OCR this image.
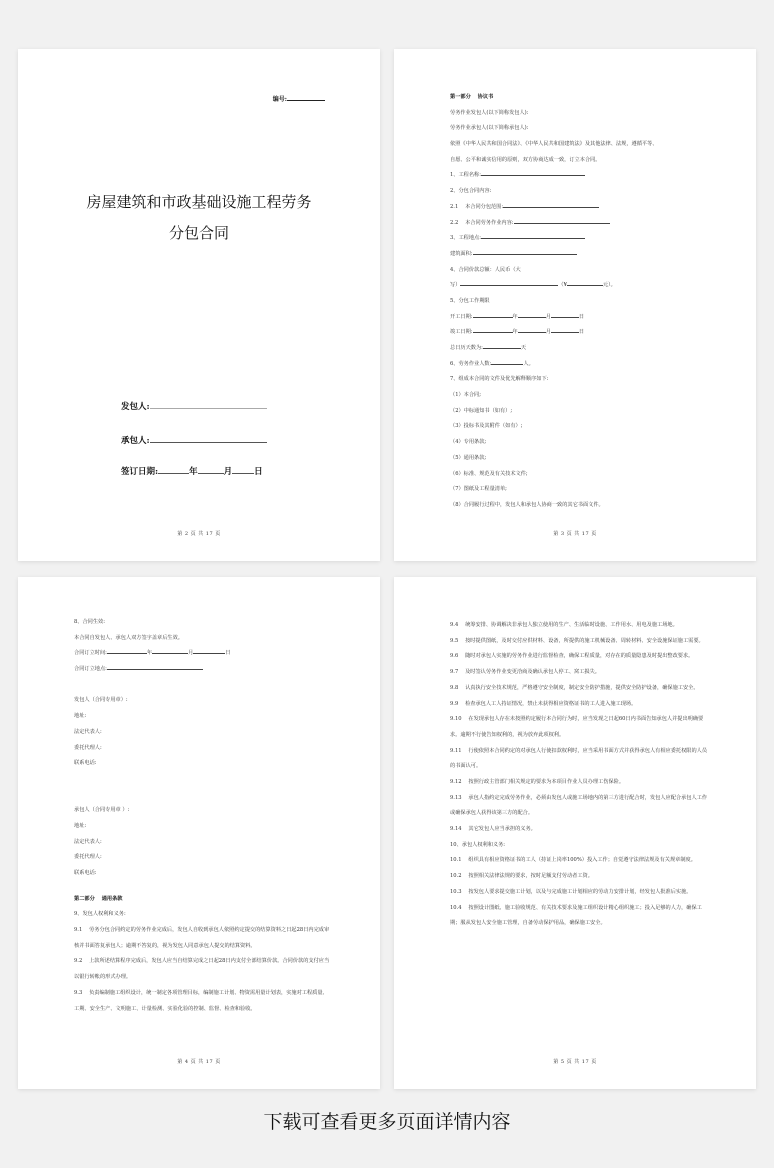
编号:
房屋建筑和市政基础设施工程劳务
分包合同
发包人:
承包人:
签订日期:	年	月	日
第 2 页 共 17 页
第一部分　 协议书
劳务作业发包人(以下简称发包人):
劳务作业承包人(以下简称承包人):
依照《中华人民共和国合同法》、《中华人民共和国建筑法》及其他法律、法规，遵循平等、
自愿、公平和诚实信用的原则，双方协商达成一致，订立本合同。
1、工程名称:
2、分包合同内容:
2.1　 本合同分包范围:
2.2　 本合同劳务作业内容:
3、工程地点:
建筑面积:
4、合同价款总额：人民币（大
写）	（¥	元）。
5、分包工作期限
开工日期:	年	月	日
竣工日期:	年	月	日
总日历天数为:	天
6、劳务作业人数:	人。
7、组成本合同的文件及优先解释顺序如下:
（1）本合同;
（2）中标通知书（如有）;
（3）投标书及其附件（如有）;
（4）专用条款;
（5）通用条款;
（6）标准、规范及有关技术文件;
（7）图纸及工程量清单;
（8）合同履行过程中，发包人和承包人协商一致的其它书面文件。
第 3 页 共 17 页
8、合同生效:
本合同自发包人、承包人双方签字盖章后生效。
合同订立时间:	年	月	日
合同订立地点:
发包人（合同专用章）:
地址:
法定代表人:
委托代理人:
联系电话:
承包人（合同专用章 ）:
地址:
法定代表人:
委托代理人:
联系电话:
第二部分　 通用条款
9、发包人权利和义务:
9.1　 劳务分包合同约定的劳务作业完成后，发包人自收到承包人依照约定提交的结算资料之日起28日内完成审核并书面答复承包人；逾期不答复的，视为发包人同意承包人提交的结算资料。
9.2　 上款所述结算程序完成后，发包人应当自结算完成之日起28日内支付全部结算价款。合同价款的支付应当以银行转帐的形式办理。
9.3　 负责编制施工组织设计，统一制定各项管理目标，编制施工计划、物资需用量计划表，实施对工程质量、工期、安全生产、文明施工、计量检测、实验化验的控制、监督、检查和验收。
第 4 页 共 17 页
9.4　 统筹安排、协调解决非承包人独立使用的生产、生活临时设施、工作用水、用电及施工场地。
9.5　 按时提供图纸，及时交付应供材料、设备，所提供的施工机械设备、周转材料、安全设施保证施工需要。
9.6　 随时对承包人实施的劳务作业进行监督检查，确保工程质量，对存在的质量隐患及时提出整改要求。
9.7　 及时签认劳务作业变更洽商及确认承包人停工、窝工损失。
9.8　 认真执行安全技术规范，严格遵守安全制度，制定安全防护措施，提供安全防护设备，确保施工安全。
9.9　 检查承包人工人持证情况，禁止未获得相应资格证书的工人进入施工现场。
9.10　 在发现承包人存在未按照约定履行本合同行为时，应当发现之日起60日内书面告知承包人并提出明确要求。逾期不行使告知权利的，视为放弃此项权利。
9.11　 行使依照本合同约定的对承包人行使扣款权利时，应当采用书面方式并获得承包人有相应委托权限的人员的书面认可。
9.12　 按照行政主管部门相关规定的要求为本项目作业人员办理工伤保险。
9.13　 承包人指约定完成劳务作业，必须由发包人或施工场地内的第三方进行配合时，发包人应配合承包人工作或确保承包人获得该第三方的配合。
9.14　 其它发包人应当承担的义务。
10、承包人权利和义务:
10.1　 组织具有相应资格证书的工人（持证上岗率100%）投入工作；自觉遵守法律法规及有关规章制度。
10.2　 按照相关法律法规的要求，按时足额支付劳动者工资。
10.3　 按发包人要求提交施工计划，以及与完成施工计划相应的劳动力安排计划，经发包人批准后实施。
10.4　 按照设计图纸、施工验收规范、有关技术要求及施工组织设计精心组织施工；投入足够的人力，确保工期；服从发包人安全施工管理，自备劳动保护用品，确保施工安全。
第 5 页 共 17 页
下载可查看更多页面详情内容
